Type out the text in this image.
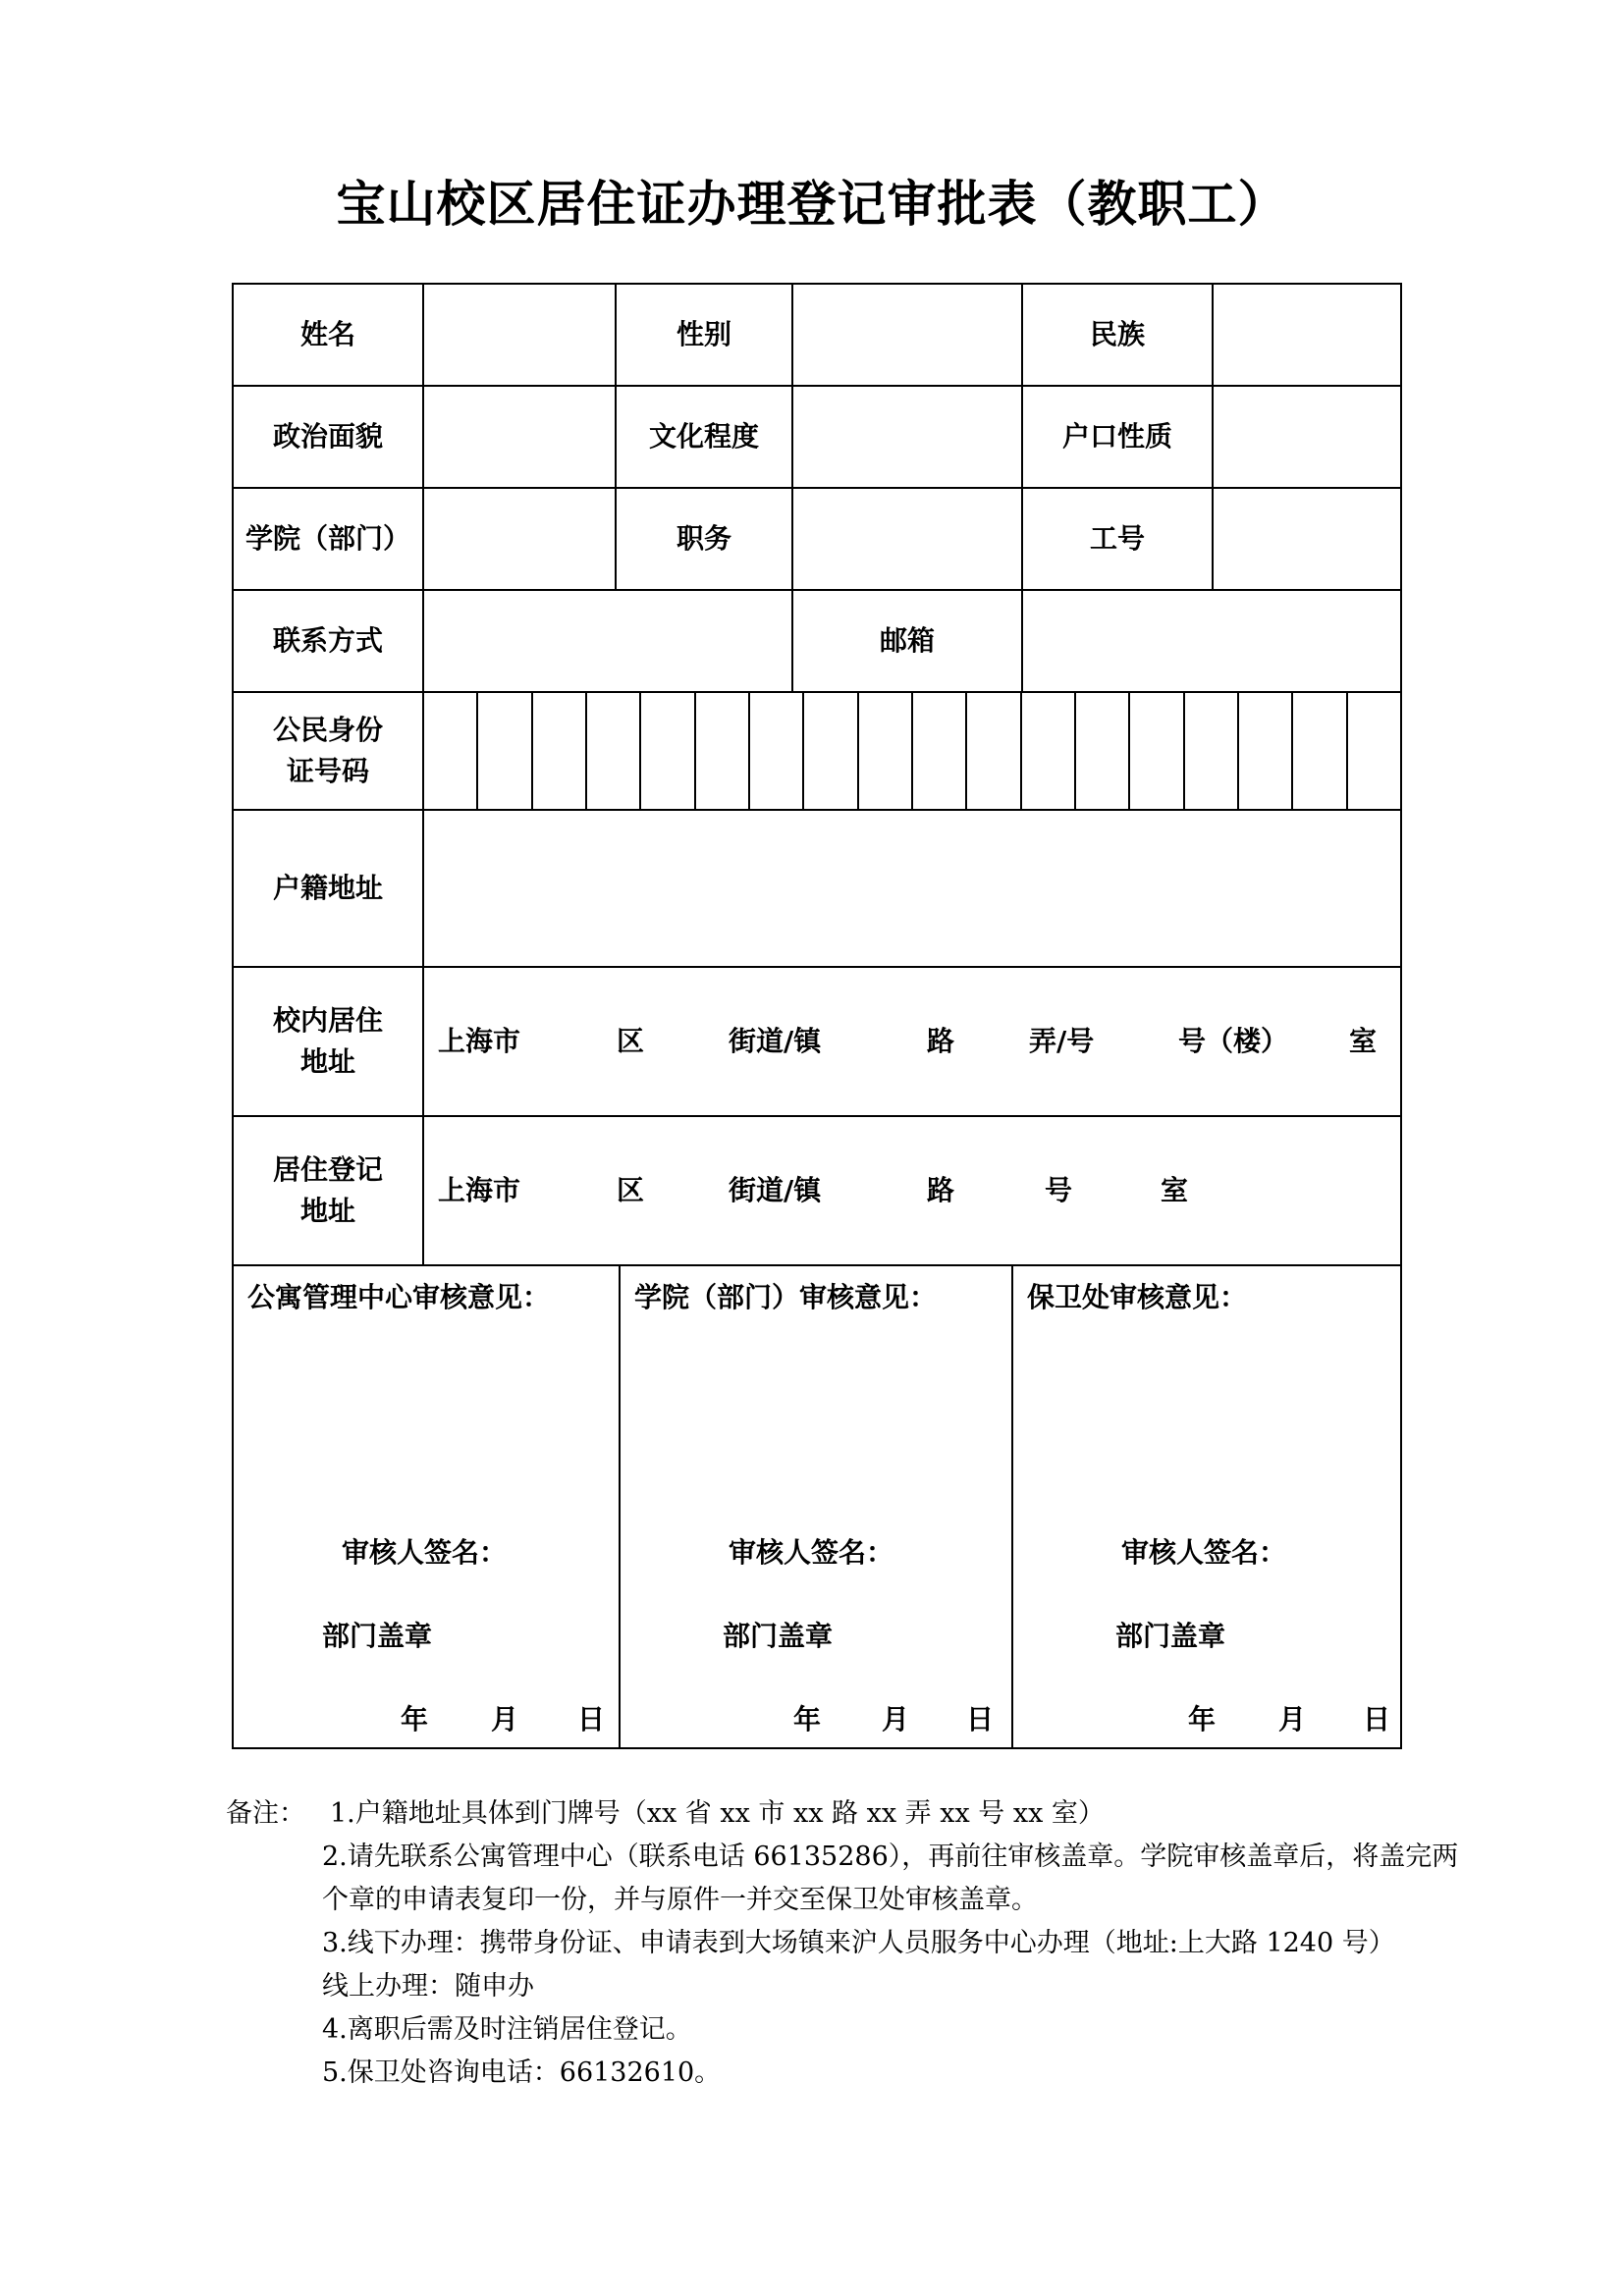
宝山校区居住证办理登记审批表（教职工）
姓名	性别	民族
政治面貌	文化程度	户口性质
学院（部门）	职务	工号
联系方式	邮箱
公民身份证号码
户籍地址
校内居住地址
上海市	区	街道/镇	路	弄/号	号（楼） 室
居住登记地址
上海市	区	街道/镇	路	号	室
公寓管理中心审核意见：
审核人签名：
部门盖章
年 月 日
学院（部门）审核意见：
审核人签名：
部门盖章
年 月 日
保卫处审核意见：
审核人签名：
部门盖章
年 月 日
备注： 1.户籍地址具体到门牌号（xx 省 xx 市 xx 路 xx 弄 xx 号 xx 室）
2.请先联系公寓管理中心（联系电话 66135286），再前往审核盖章。学院审核盖章后，将盖完两
个章的申请表复印一份，并与原件一并交至保卫处审核盖章。
3.线下办理：携带身份证、申请表到大场镇来沪人员服务中心办理（地址:上大路 1240 号）
线上办理：随申办
4.离职后需及时注销居住登记。
5.保卫处咨询电话：66132610。
